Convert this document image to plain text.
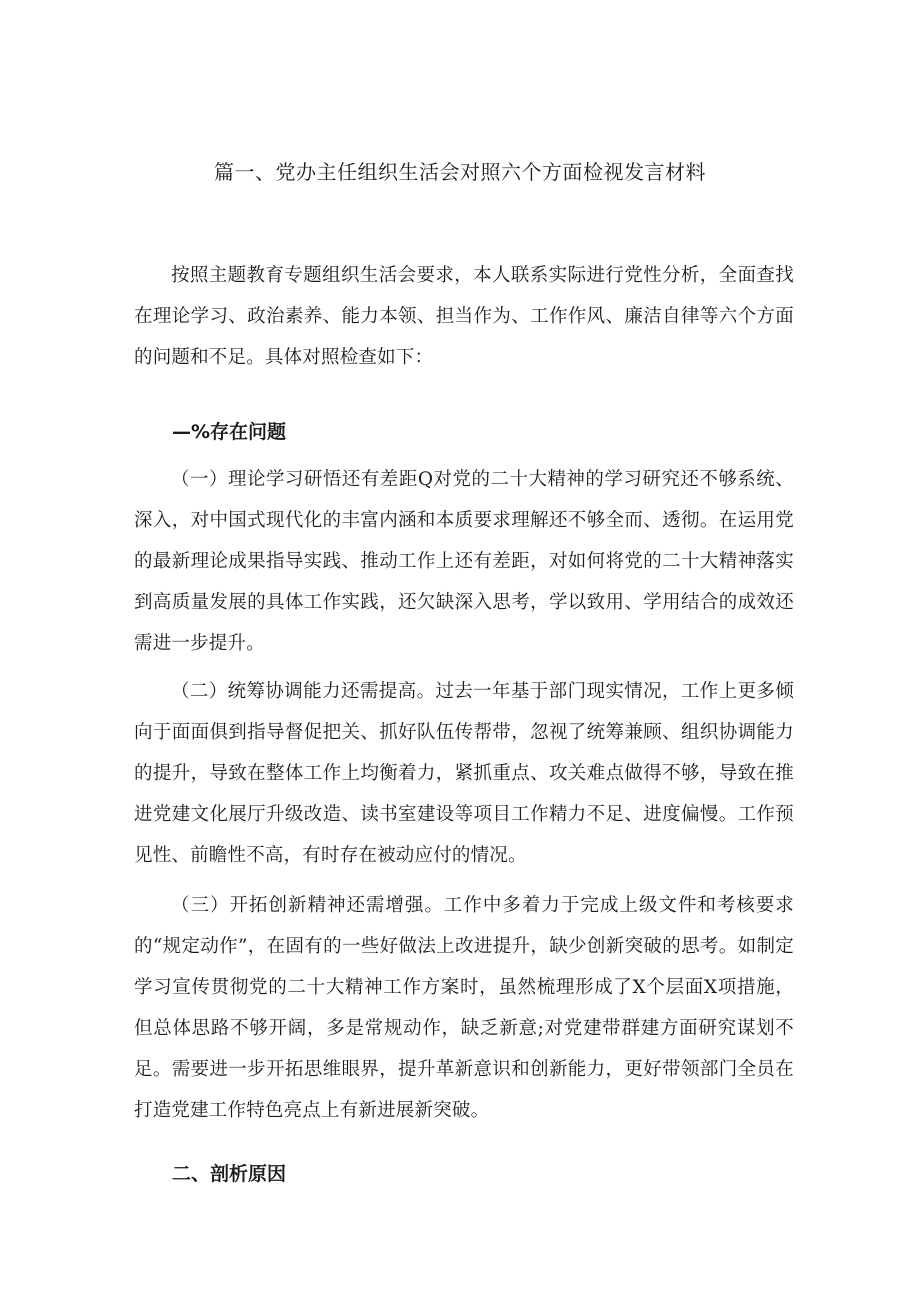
篇一、党办主任组织生活会对照六个方面检视发言材料

按照主题教育专题组织生活会要求，本人联系实际进行党性分析，全面查找在理论学习、政治素养、能力本领、担当作为、工作作风、廉洁自律等六个方面的问题和不足。具体对照检查如下：

—%存在问题

（一）理论学习研悟还有差距Q对党的二十大精神的学习研究还不够系统、深入，对中国式现代化的丰富内涵和本质要求理解还不够全而、透彻。在运用党的最新理论成果指导实践、推动工作上还有差距，对如何将党的二十大精神落实到高质量发展的具体工作实践，还欠缺深入思考，学以致用、学用结合的成效还需进一步提升。

（二）统筹协调能力还需提高。过去一年基于部门现实情况，工作上更多倾向于面面俱到指导督促把关、抓好队伍传帮带，忽视了统筹兼顾、组织协调能力的提升，导致在整体工作上均衡着力，紧抓重点、攻关难点做得不够，导致在推进党建文化展厅升级改造、读书室建设等项目工作精力不足、进度偏慢。工作预见性、前瞻性不高，有时存在被动应付的情况。

（三）开拓创新精神还需增强。工作中多着力于完成上级文件和考核要求的“规定动作”，在固有的一些好做法上改进提升，缺少创新突破的思考。如制定学习宣传贯彻党的二十大精神工作方案时，虽然梳理形成了X个层面X项措施，但总体思路不够开阔，多是常规动作，缺乏新意;对党建带群建方面研究谋划不足。需要进一步开拓思维眼界，提升革新意识和创新能力，更好带领部门全员在打造党建工作特色亮点上有新进展新突破。

二、剖析原因
